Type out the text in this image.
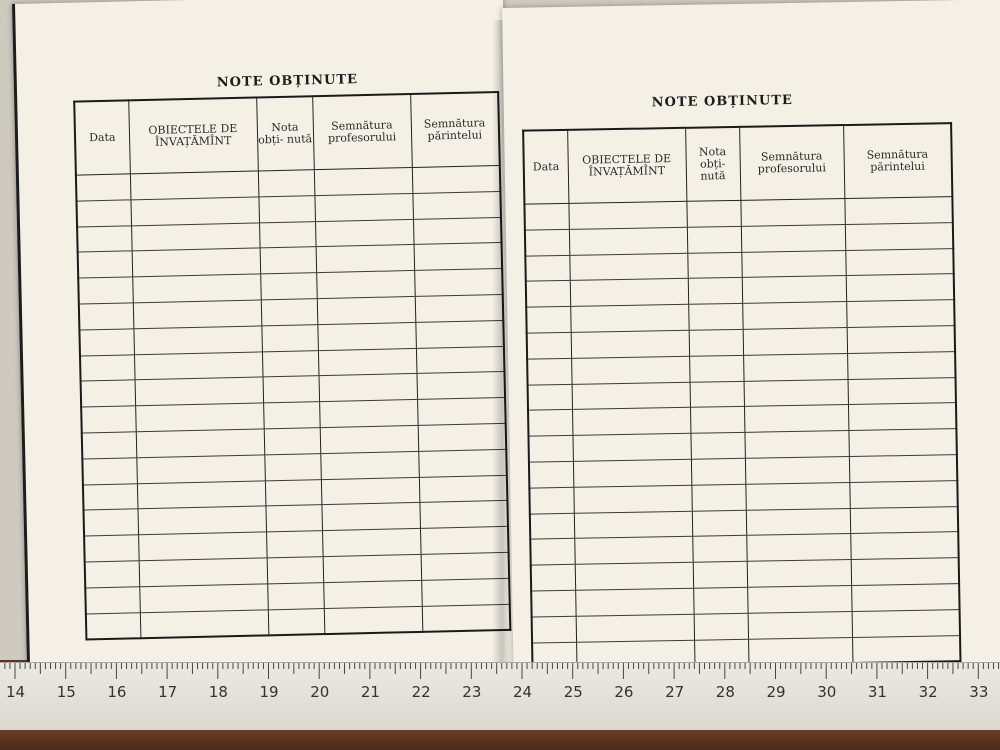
NOTE OBȚINUTE
Data	OBIECTELE DE ÎNVAȚĂMÎNT	Nota obți- nută	Semnătura profesorului	Semnătura părintelui

NOTE OBȚINUTE
Data	OBIECTELE DE ÎNVAȚĂMÎNT	Nota obți- nută	Semnătura profesorului	Semnătura părintelui

14 15 16 17 18 19 20 21 22 23 24 25 26 27 28 29 30 31 32 33
